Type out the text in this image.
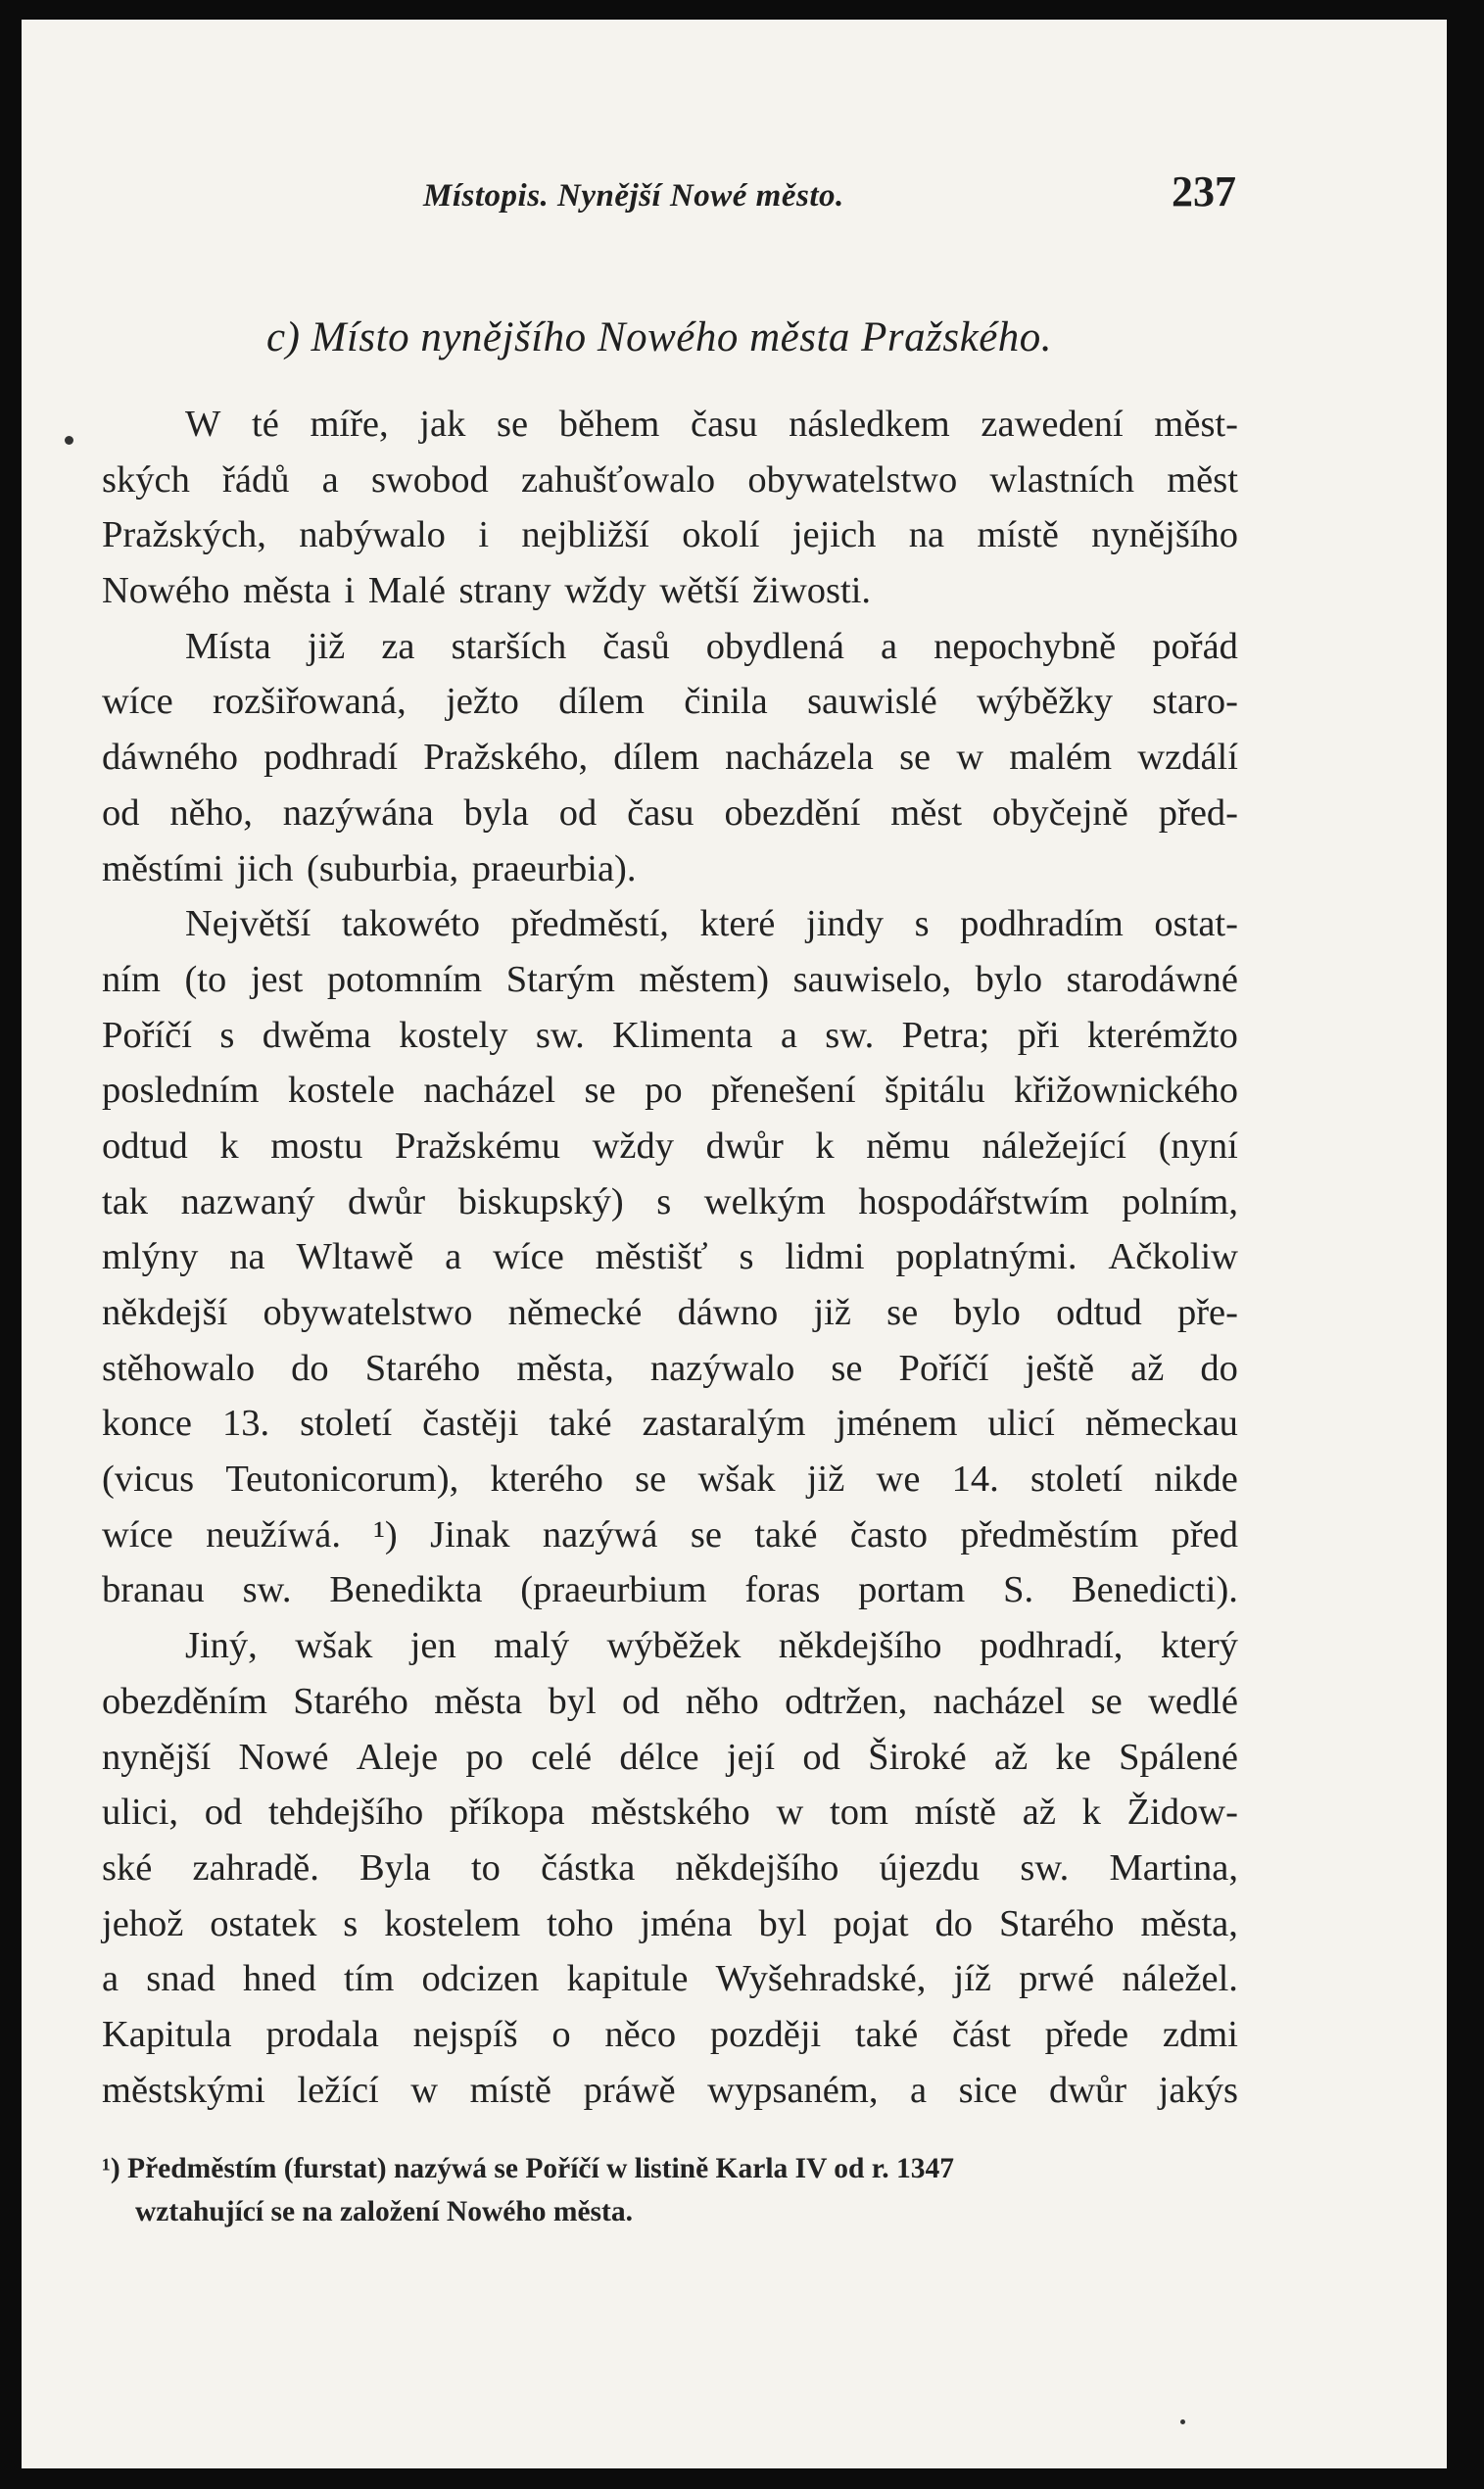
Místopis. Nynější Nowé město.	237
c) Místo nynějšího Nowého města Pražského.
W té míře, jak se během času následkem zawedení měst-
ských řádů a swobod zahušťowalo obywatelstwo wlastních měst
Pražských, nabýwalo i nejbližší okolí jejich na místě nynějšího
Nowého města i Malé strany wždy wětší žiwosti.
Místa již za starších časů obydlená a nepochybně pořád
wíce rozšiřowaná, ježto dílem činila sauwislé wýběžky staro-
dáwného podhradí Pražského, dílem nacházela se w malém wzdálí
od něho, nazýwána byla od času obezdění měst obyčejně před-
městími jich (suburbia, praeurbia).
Největší takowéto předměstí, které jindy s podhradím ostat-
ním (to jest potomním Starým městem) sauwiselo, bylo starodáwné
Poříčí s dwěma kostely sw. Klimenta a sw. Petra; při kterémžto
posledním kostele nacházel se po přenešení špitálu křižownického
odtud k mostu Pražskému wždy dwůr k němu náležející (nyní
tak nazwaný dwůr biskupský) s welkým hospodářstwím polním,
mlýny na Wltawě a wíce městišť s lidmi poplatnými. Ačkoliw
někdejší obywatelstwo německé dáwno již se bylo odtud pře-
stěhowalo do Starého města, nazýwalo se Poříčí ještě až do
konce 13. století častěji také zastaralým jménem ulicí německau
(vicus Teutonicorum), kterého se wšak již we 14. století nikde
wíce neužíwá. ¹) Jinak nazýwá se také často předměstím před
branau sw. Benedikta (praeurbium foras portam S. Benedicti).
Jiný, wšak jen malý wýběžek někdejšího podhradí, který
obezděním Starého města byl od něho odtržen, nacházel se wedlé
nynější Nowé Aleje po celé délce její od Široké až ke Spálené
ulici, od tehdejšího příkopa městského w tom místě až k Židow-
ské zahradě. Byla to částka někdejšího újezdu sw. Martina,
jehož ostatek s kostelem toho jména byl pojat do Starého města,
a snad hned tím odcizen kapitule Wyšehradské, jíž prwé náležel.
Kapitula prodala nejspíš o něco později také část přede zdmi
městskými ležící w místě práwě wypsaném, a sice dwůr jakýs
¹) Předměstím (furstat) nazýwá se Poříčí w listině Karla IV od r. 1347
wztahující se na založení Nowého města.
